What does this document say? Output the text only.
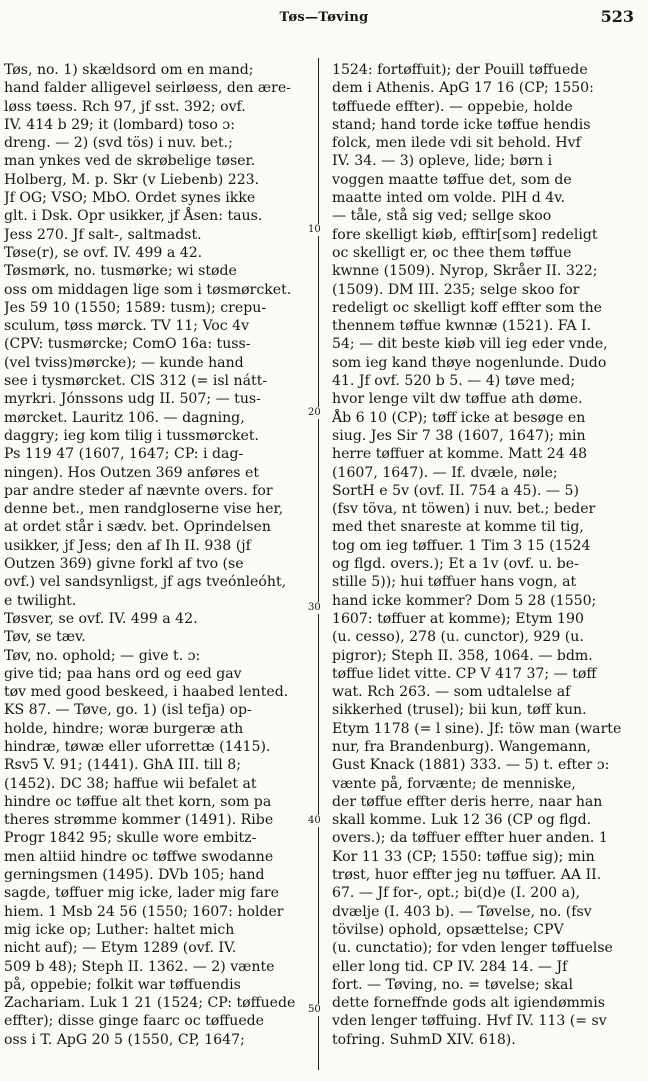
Tøs—Tøving	523
10
20
30
40
50
Tøs, no. 1) skældsord om en mand;
hand falder alligevel seirløess, den ære-
løss tøess. Rch 97, jf sst. 392; ovf.
IV. 414 b 29; it (lombard) toso ɔ:
dreng. — 2) (svd tös) i nuv. bet.;
man ynkes ved de skrøbelige tøser.
Holberg, M. p. Skr (v Liebenb) 223.
Jf OG; VSO; MbO. Ordet synes ikke
glt. i Dsk. Opr usikker, jf Åsen: taus.
Jess 270. Jf salt-, saltmadst.
Tøse(r), se ovf. IV. 499 a 42.
Tøsmørk, no. tusmørke; wi støde
oss om middagen lige som i tøsmørcket.
Jes 59 10 (1550; 1589: tusm); crepu-
sculum, tøss mørck. TV 11; Voc 4v
(CPV: tusmørcke; ComO 16a: tuss-
(vel tviss)mørcke); — kunde hand
see i tysmørcket. ClS 312 (= isl nátt-
myrkri. Jónssons udg II. 507; — tus-
mørcket. Lauritz 106. — dagning,
daggry; ieg kom tilig i tussmørcket.
Ps 119 47 (1607, 1647; CP: i dag-
ningen). Hos Outzen 369 anføres et
par andre steder af nævnte overs. for
denne bet., men randgloserne vise her,
at ordet står i sædv. bet. Oprindelsen
usikker, jf Jess; den af Ih II. 938 (jf
Outzen 369) givne forkl af tvo (se
ovf.) vel sandsynligst, jf ags tveónleóht,
e twilight.
Tøsver, se ovf. IV. 499 a 42.
Tøv, se tæv.
Tøv, no. ophold; — give t. ɔ:
give tid; paa hans ord og eed gav
tøv med good beskeed, i haabed lented.
KS 87. — Tøve, go. 1) (isl tefja) op-
holde, hindre; woræ burgeræ ath
hindræ, tøwæ eller uforrettæ (1415).
Rsv5 V. 91; (1441). GhA III. till 8;
(1452). DC 38; haffue wii befalet at
hindre oc tøffue alt thet korn, som pa
theres strømme kommer (1491). Ribe
Progr 1842 95; skulle wore embitz-
men altiid hindre oc tøffwe swodanne
gerningsmen (1495). DVb 105; hand
sagde, tøffuer mig icke, lader mig fare
hiem. 1 Msb 24 56 (1550; 1607: holder
mig icke op; Luther: haltet mich
nicht auf); — Etym 1289 (ovf. IV.
509 b 48); Steph II. 1362. — 2) vænte
på, oppebie; folkit war tøffuendis
Zachariam. Luk 1 21 (1524; CP: tøffuede
effter); disse ginge faarc oc tøffuede
oss i T. ApG 20 5 (1550, CP, 1647;
1524: fortøffuit); der Pouill tøffuede
dem i Athenis. ApG 17 16 (CP; 1550:
tøffuede effter). — oppebie, holde
stand; hand torde icke tøffue hendis
folck, men ilede vdi sit behold. Hvf
IV. 34. — 3) opleve, lide; børn i
voggen maatte tøffue det, som de
maatte inted om volde. PlH d 4v.
— tåle, stå sig ved; sellge skoo
fore skelligt kiøb, efftir[som] redeligt
oc skelligt er, oc thee them tøffue
kwnne (1509). Nyrop, Skråer II. 322;
(1509). DM III. 235; selge skoo for
redeligt oc skelligt koff effter som the
thennem tøffue kwnnæ (1521). FA I.
54; — dit beste kiøb vill ieg eder vnde,
som ieg kand thøye nogenlunde. Dudo
41. Jf ovf. 520 b 5. — 4) tøve med;
hvor lenge vilt dw tøffue ath døme.
Åb 6 10 (CP); tøff icke at besøge en
siug. Jes Sir 7 38 (1607, 1647); min
herre tøffuer at komme. Matt 24 48
(1607, 1647). — If. dvæle, nøle;
SortH e 5v (ovf. II. 754 a 45). — 5)
(fsv töva, nt töwen) i nuv. bet.; beder
med thet snareste at komme til tig,
tog om ieg tøffuer. 1 Tim 3 15 (1524
og flgd. overs.); Et a 1v (ovf. u. be-
stille 5)); hui tøffuer hans vogn, at
hand icke kommer? Dom 5 28 (1550;
1607: tøffuer at komme); Etym 190
(u. cesso), 278 (u. cunctor), 929 (u.
pigror); Steph II. 358, 1064. — bdm.
tøffue lidet vitte. CP V 417 37; — tøff
wat. Rch 263. — som udtalelse af
sikkerhed (trusel); bii kun, tøff kun.
Etym 1178 (= l sine). Jf: töw man (warte
nur, fra Brandenburg). Wangemann,
Gust Knack (1881) 333. — 5) t. efter ɔ:
vænte på, forvænte; de menniske,
der tøffue effter deris herre, naar han
skall komme. Luk 12 36 (CP og flgd.
overs.); da tøffuer effter huer anden. 1
Kor 11 33 (CP; 1550: tøffue sig); min
trøst, huor effter jeg nu tøffuer. AA II.
67. — Jf for-, opt.; bi(d)e (I. 200 a),
dvælje (I. 403 b). — Tøvelse, no. (fsv
tövilse) ophold, opsættelse; CPV
(u. cunctatio); for vden lenger tøffuelse
eller long tid. CP IV. 284 14. — Jf
fort. — Tøving, no. = tøvelse; skal
dette forneffnde gods alt igiendømmis
vden lenger tøffuing. Hvf IV. 113 (= sv
tofring. SuhmD XIV. 618).
